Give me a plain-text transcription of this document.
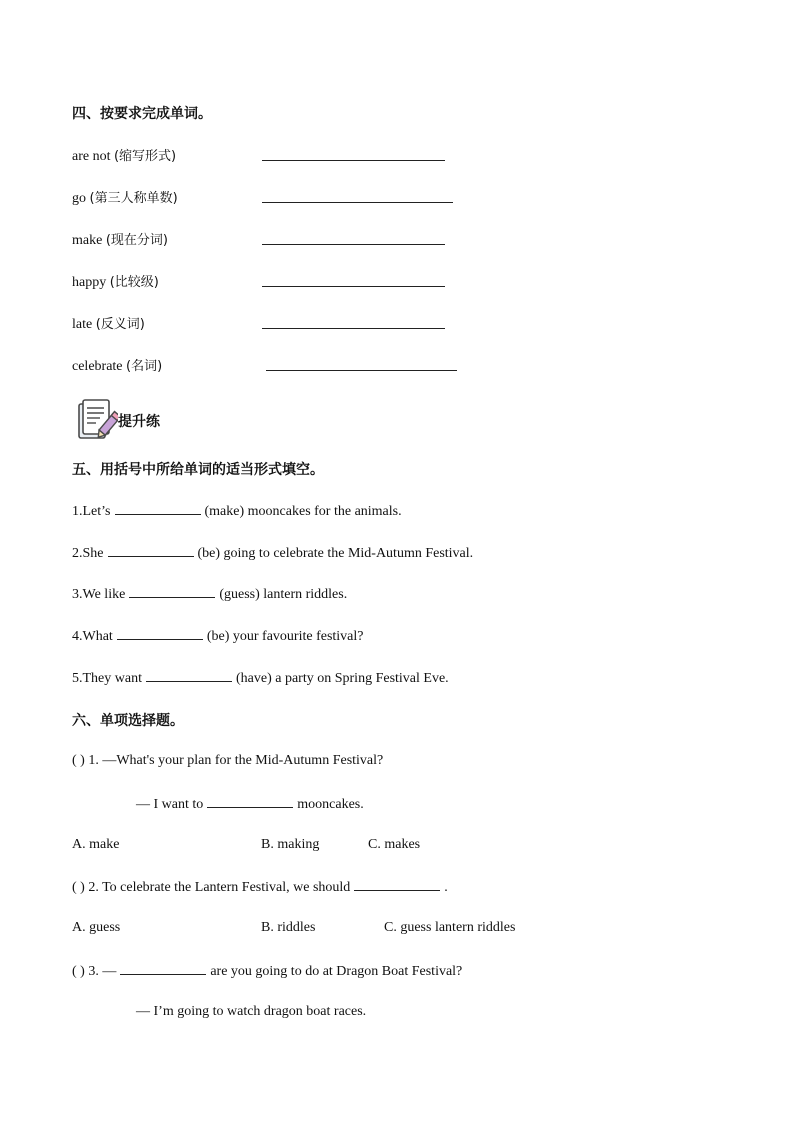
四、按要求完成单词。
are not (缩写形式)
go (第三人称单数)
make (现在分词)
happy (比较级)
late (反义词)
celebrate (名词)
提升练
五、用括号中所给单词的适当形式填空。
1.Let’s	(make) mooncakes for the animals.
2.She	(be) going to celebrate the Mid-Autumn Festival.
3.We like	(guess) lantern riddles.
4.What	(be) your favourite festival?
5.They want	(have) a party on Spring Festival Eve.
六、单项选择题。
( ) 1. —What's your plan for the Mid-Autumn Festival?
— I want to	mooncakes.
A. make	B. making	C. makes
( ) 2. To celebrate the Lantern Festival, we should	.
A. guess	B. riddles	C. guess lantern riddles
( ) 3. —	are you going to do at Dragon Boat Festival?
— I’m going to watch dragon boat races.
